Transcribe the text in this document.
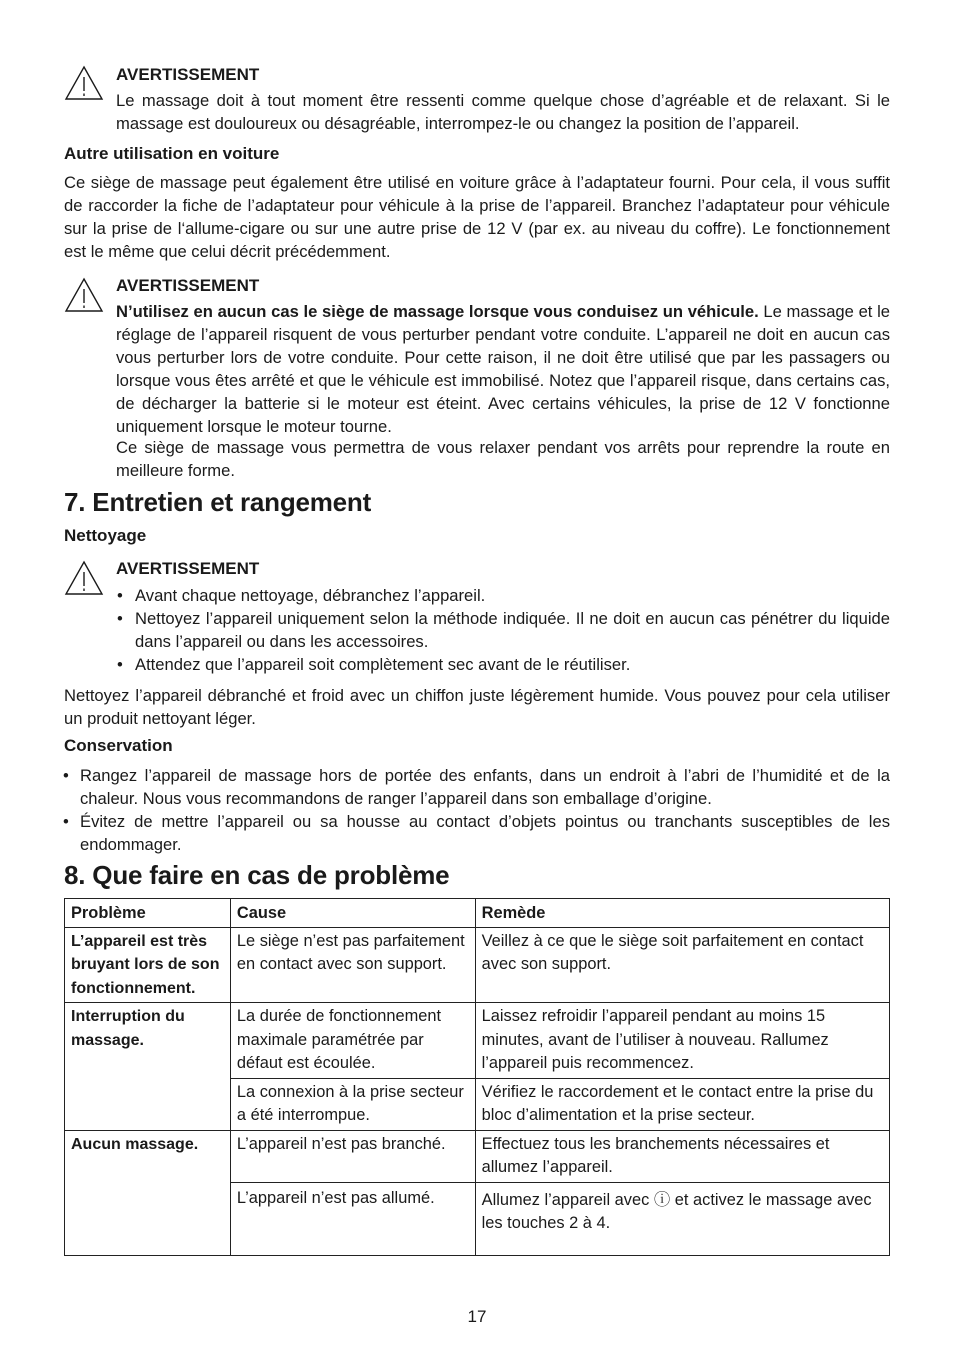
AVERTISSEMENT
Le massage doit à tout moment être ressenti comme quelque chose d’agréable et de relaxant. Si le massage est douloureux ou désagréable, interrompez-le ou changez la position de l’appareil.
Autre utilisation en voiture
Ce siège de massage peut également être utilisé en voiture grâce à l’adaptateur fourni. Pour cela, il vous suffit de raccorder la fiche de l’adaptateur pour véhicule à la prise de l’appareil. Branchez l’adaptateur pour véhicule sur la prise de l‘allume-cigare ou sur une autre prise de 12 V (par ex. au niveau du coffre). Le fonctionnement est le même que celui décrit précédemment.
AVERTISSEMENT
N’utilisez en aucun cas le siège de massage lorsque vous conduisez un véhicule. Le massage et le réglage de l’appareil risquent de vous perturber pendant votre conduite. L’appareil ne doit en aucun cas vous perturber lors de votre conduite. Pour cette raison, il ne doit être utilisé que par les passagers ou lorsque vous êtes arrêté et que le véhicule est immobilisé. Notez que l’appareil risque, dans certains cas, de décharger la batterie si le moteur est éteint. Avec certains véhicules, la prise de 12 V fonctionne uniquement lorsque le moteur tourne.
Ce siège de massage vous permettra de vous relaxer pendant vos arrêts pour reprendre la route en meilleure forme.
7. Entretien et rangement
Nettoyage
AVERTISSEMENT
• Avant chaque nettoyage, débranchez l’appareil.
• Nettoyez l’appareil uniquement selon la méthode indiquée. Il ne doit en aucun cas pénétrer du liquide dans l’appareil ou dans les accessoires.
• Attendez que l’appareil soit complètement sec avant de le réutiliser.
Nettoyez l’appareil débranché et froid avec un chiffon juste légèrement humide. Vous pouvez pour cela utiliser un produit nettoyant léger.
Conservation
• Rangez l’appareil de massage hors de portée des enfants, dans un endroit à l’abri de l’humidité et de la chaleur. Nous vous recommandons de ranger l’appareil dans son emballage d’origine.
• Évitez de mettre l’appareil ou sa housse au contact d’objets pointus ou tranchants susceptibles de les endommager.
8. Que faire en cas de problème
Problème	Cause	Remède
L’appareil est très bruyant lors de son fonctionnement.	Le siège n’est pas parfaitement en contact avec son support.	Veillez à ce que le siège soit parfaitement en contact avec son support.
Interruption du massage.	La durée de fonctionnement maximale paramétrée par défaut est écoulée.	Laissez refroidir l’appareil pendant au moins 15 minutes, avant de l’utiliser à nouveau. Rallumez l’appareil puis recommencez.
	La connexion à la prise secteur a été interrompue.	Vérifiez le raccordement et le contact entre la prise du bloc d’alimentation et la prise secteur.
Aucun massage.	L’appareil n’est pas branché.	Effectuez tous les branchements nécessaires et allumez l’appareil.
	L’appareil n’est pas allumé.	Allumez l’appareil avec ⓘ et activez le massage avec les touches 2 à 4.
17
